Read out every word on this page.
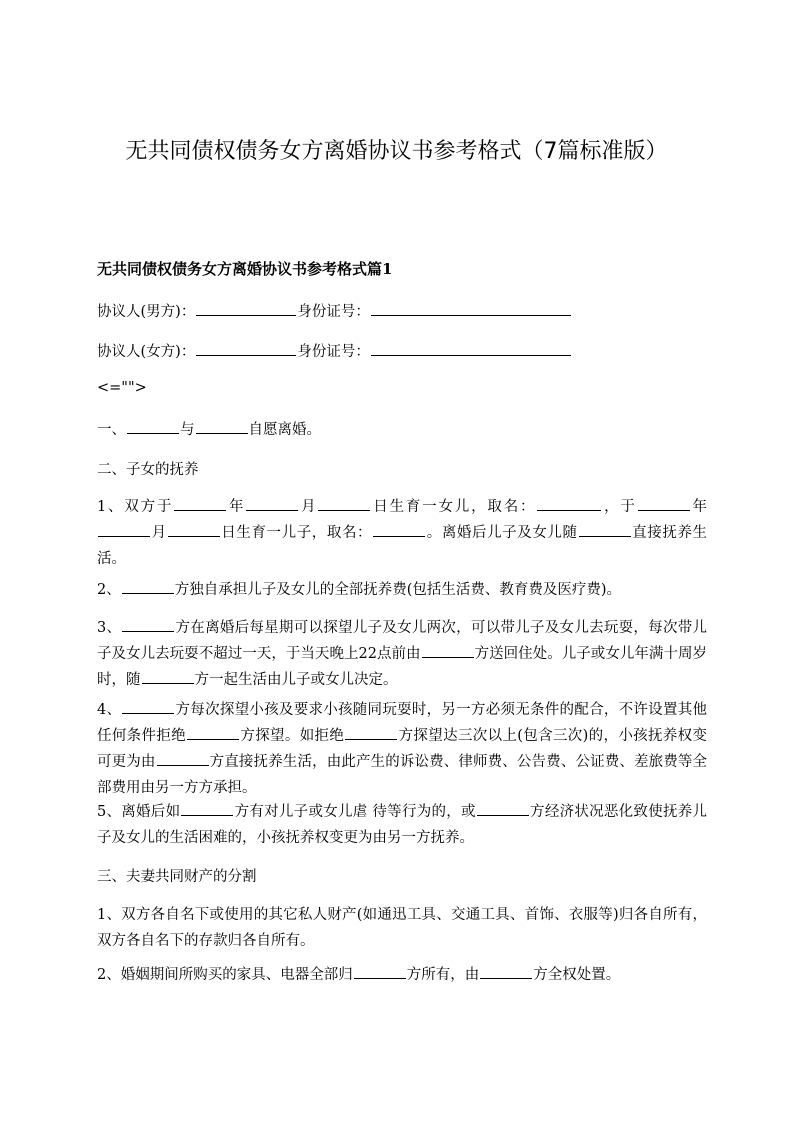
无共同债权债务女方离婚协议书参考格式（7篇标准版）
无共同债权债务女方离婚协议书参考格式篇1

协议人(男方)：	身份证号：

协议人(女方)：	身份证号：

<="">

一、	与	自愿离婚。

二、子女的抚养

1、双方于	年	月	日生育一女儿，取名：	，于	年月	日生育一儿子，取名：	。离婚后儿子及女儿随	直接抚养生活。

2、	方独自承担儿子及女儿的全部抚养费(包括生活费、教育费及医疗费)。

3、	方在离婚后每星期可以探望儿子及女儿两次，可以带儿子及女儿去玩耍，每次带儿子及女儿去玩耍不超过一天，于当天晚上22点前由	方送回住处。儿子或女儿年满十周岁时，随	方一起生活由儿子或女儿决定。

4、	方每次探望小孩及要求小孩随同玩耍时，另一方必须无条件的配合，不许设置其他任何条件拒绝	方探望。如拒绝	方探望达三次以上(包含三次)的，小孩抚养权变可更为由	方直接抚养生活，由此产生的诉讼费、律师费、公告费、公证费、差旅费等全部费用由另一方方承担。

5、离婚后如	方有对儿子或女儿虐 待等行为的，或	方经济状况恶化致使抚养儿子及女儿的生活困难的，小孩抚养权变更为由另一方抚养。

三、夫妻共同财产的分割

1、双方各自名下或使用的其它私人财产(如通迅工具、交通工具、首饰、衣服等)归各自所有，双方各自名下的存款归各自所有。

2、婚姻期间所购买的家具、电器全部归	方所有，由	方全权处置。
